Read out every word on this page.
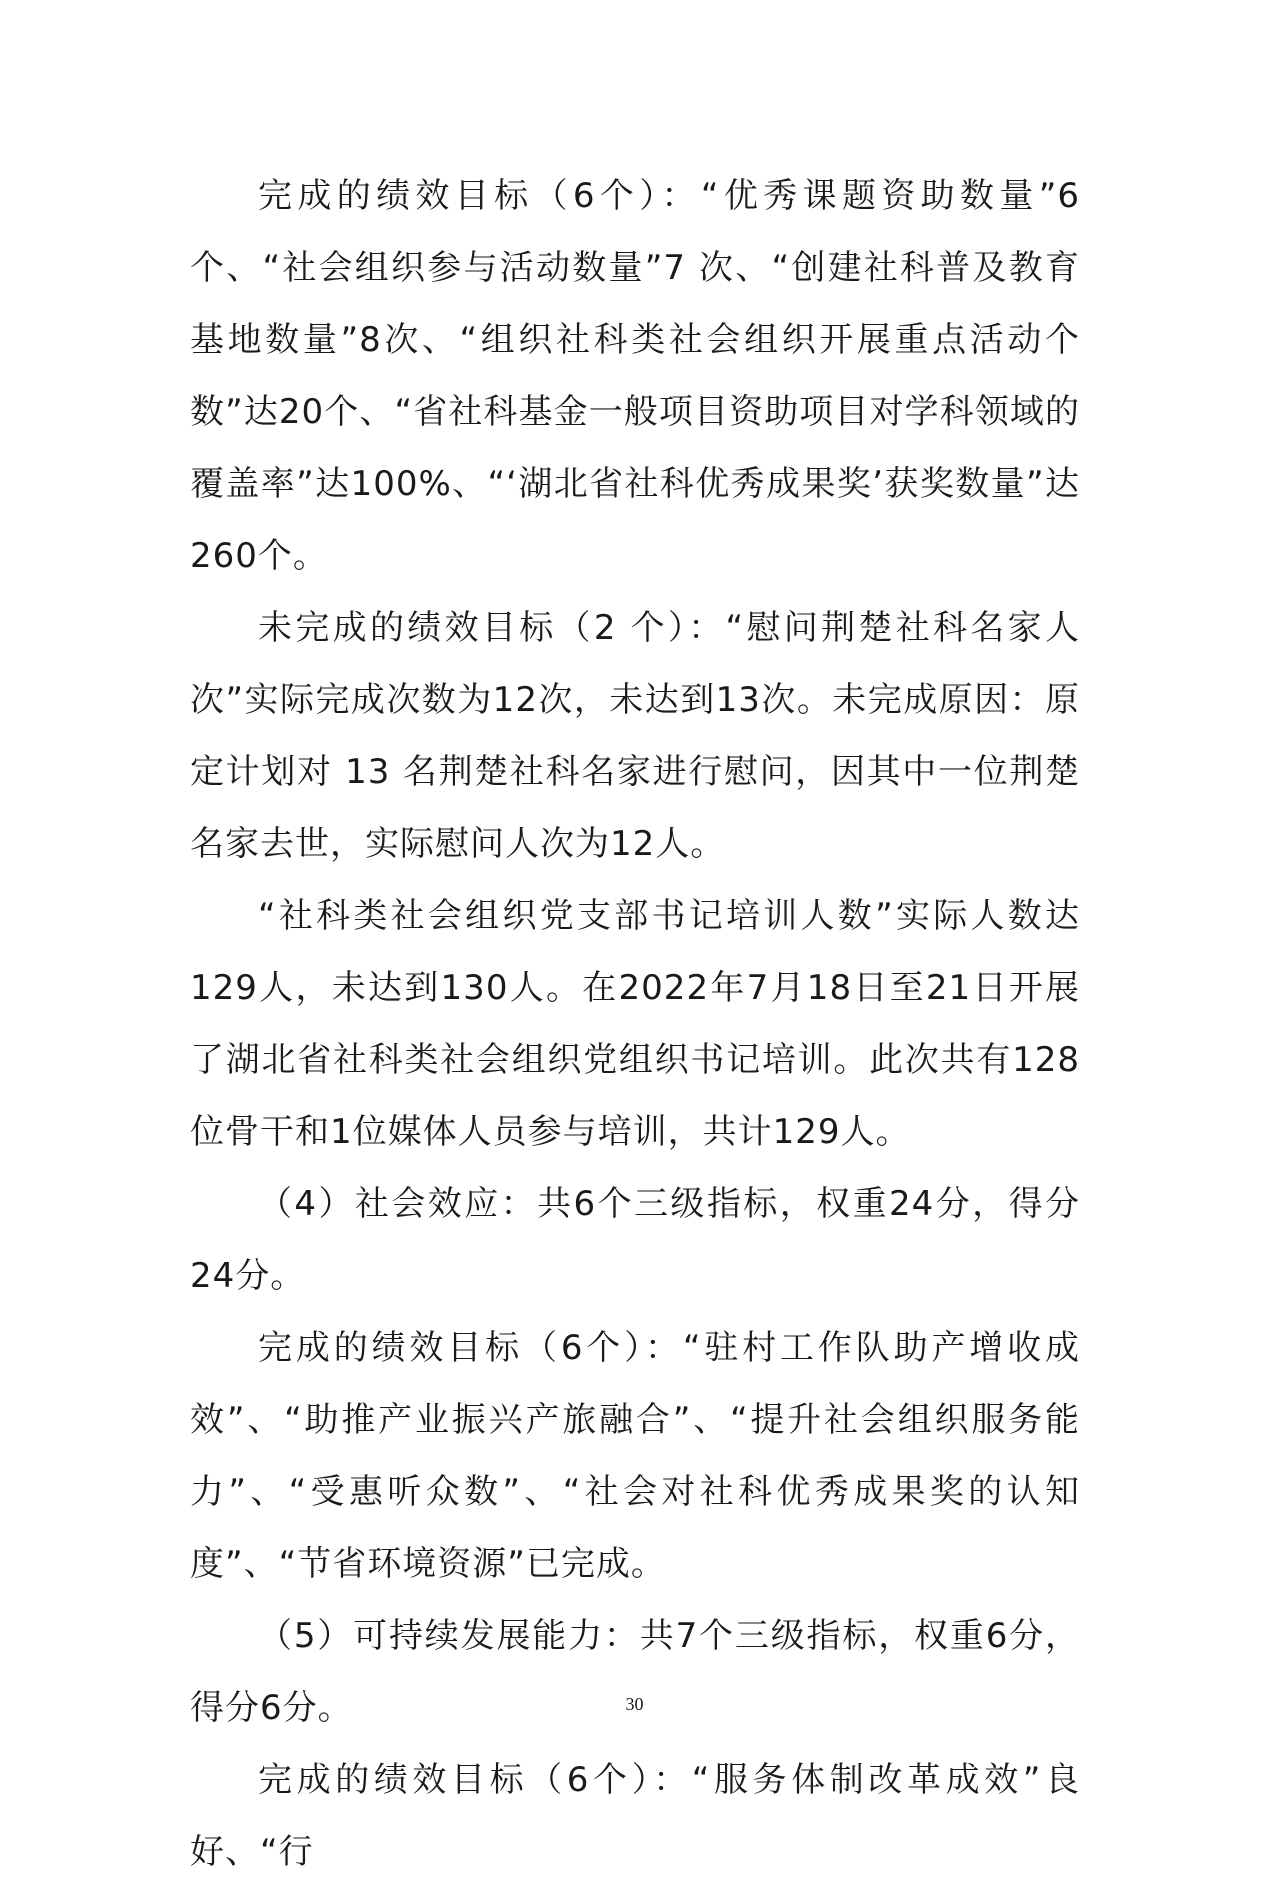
完成的绩效目标（6个）：“优秀课题资助数量”6个、“社会组织参与活动数量”7 次、“创建社科普及教育基地数量”8次、“组织社科类社会组织开展重点活动个数”达20个、“省社科基金一般项目资助项目对学科领域的覆盖率”达100%、“‘湖北省社科优秀成果奖’获奖数量”达260个。

未完成的绩效目标（2 个）：“慰问荆楚社科名家人次”实际完成次数为12次，未达到13次。未完成原因：原定计划对 13 名荆楚社科名家进行慰问，因其中一位荆楚名家去世，实际慰问人次为12人。

“社科类社会组织党支部书记培训人数”实际人数达 129人，未达到130人。在2022年7月18日至21日开展了湖北省社科类社会组织党组织书记培训。此次共有128位骨干和1位媒体人员参与培训，共计129人。

（4）社会效应：共6个三级指标，权重24分，得分24分。

完成的绩效目标（6个）：“驻村工作队助产增收成效”、“助推产业振兴产旅融合”、“提升社会组织服务能力”、“受惠听众数”、“社会对社科优秀成果奖的认知度”、“节省环境资源”已完成。

（5）可持续发展能力：共7个三级指标，权重6分，得分6分。

完成的绩效目标（6个）：“服务体制改革成效”良好、“行

30
